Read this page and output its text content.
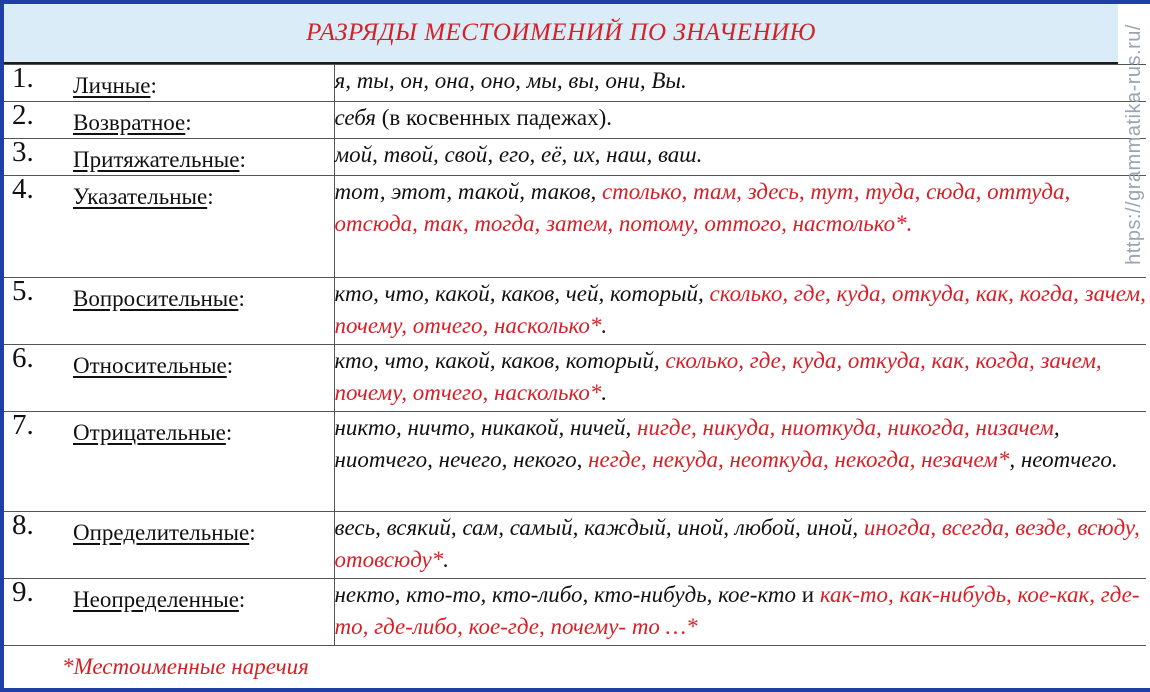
РАЗРЯДЫ МЕСТОИМЕНИЙ ПО ЗНАЧЕНИЮ
1. Личные:	я, ты, он, она, оно, мы, вы, они, Вы.

2. Возвратное:	себя (в косвенных падежах).

3. Притяжательные:	мой, твой, свой, его, её, их, наш, ваш.

4. Указательные:	тот, этот, такой, таков, столько, там, здесь, тут, туда, сюда, оттуда, отсюда, так, тогда, затем, потому, оттого, настолько*.

5. Вопросительные:	кто, что, какой, каков, чей, который, сколько, где, куда, откуда, как, когда, зачем, почему, отчего, насколько*.

6. Относительные:	кто, что, какой, каков, который, сколько, где, куда, откуда, как, когда, зачем, почему, отчего, насколько*.

7. Отрицательные:	никто, ничто, никакой, ничей, нигде, никуда, ниоткуда, никогда, низачем, ниотчего, нечего, некого, негде, некуда, неоткуда, некогда, незачем*, неотчего.

8. Определительные:	весь, всякий, сам, самый, каждый, иной, любой, иной, иногда, всегда, везде, всюду, отовсюду*.

9. Неопределенные:	некто, кто-то, кто-либо, кто-нибудь, кое-кто и как-то, как-нибудь, кое-как, где-то, где-либо, кое-где, почему- то …*
*Местоименные наречия
https://grammatika-rus.ru/
